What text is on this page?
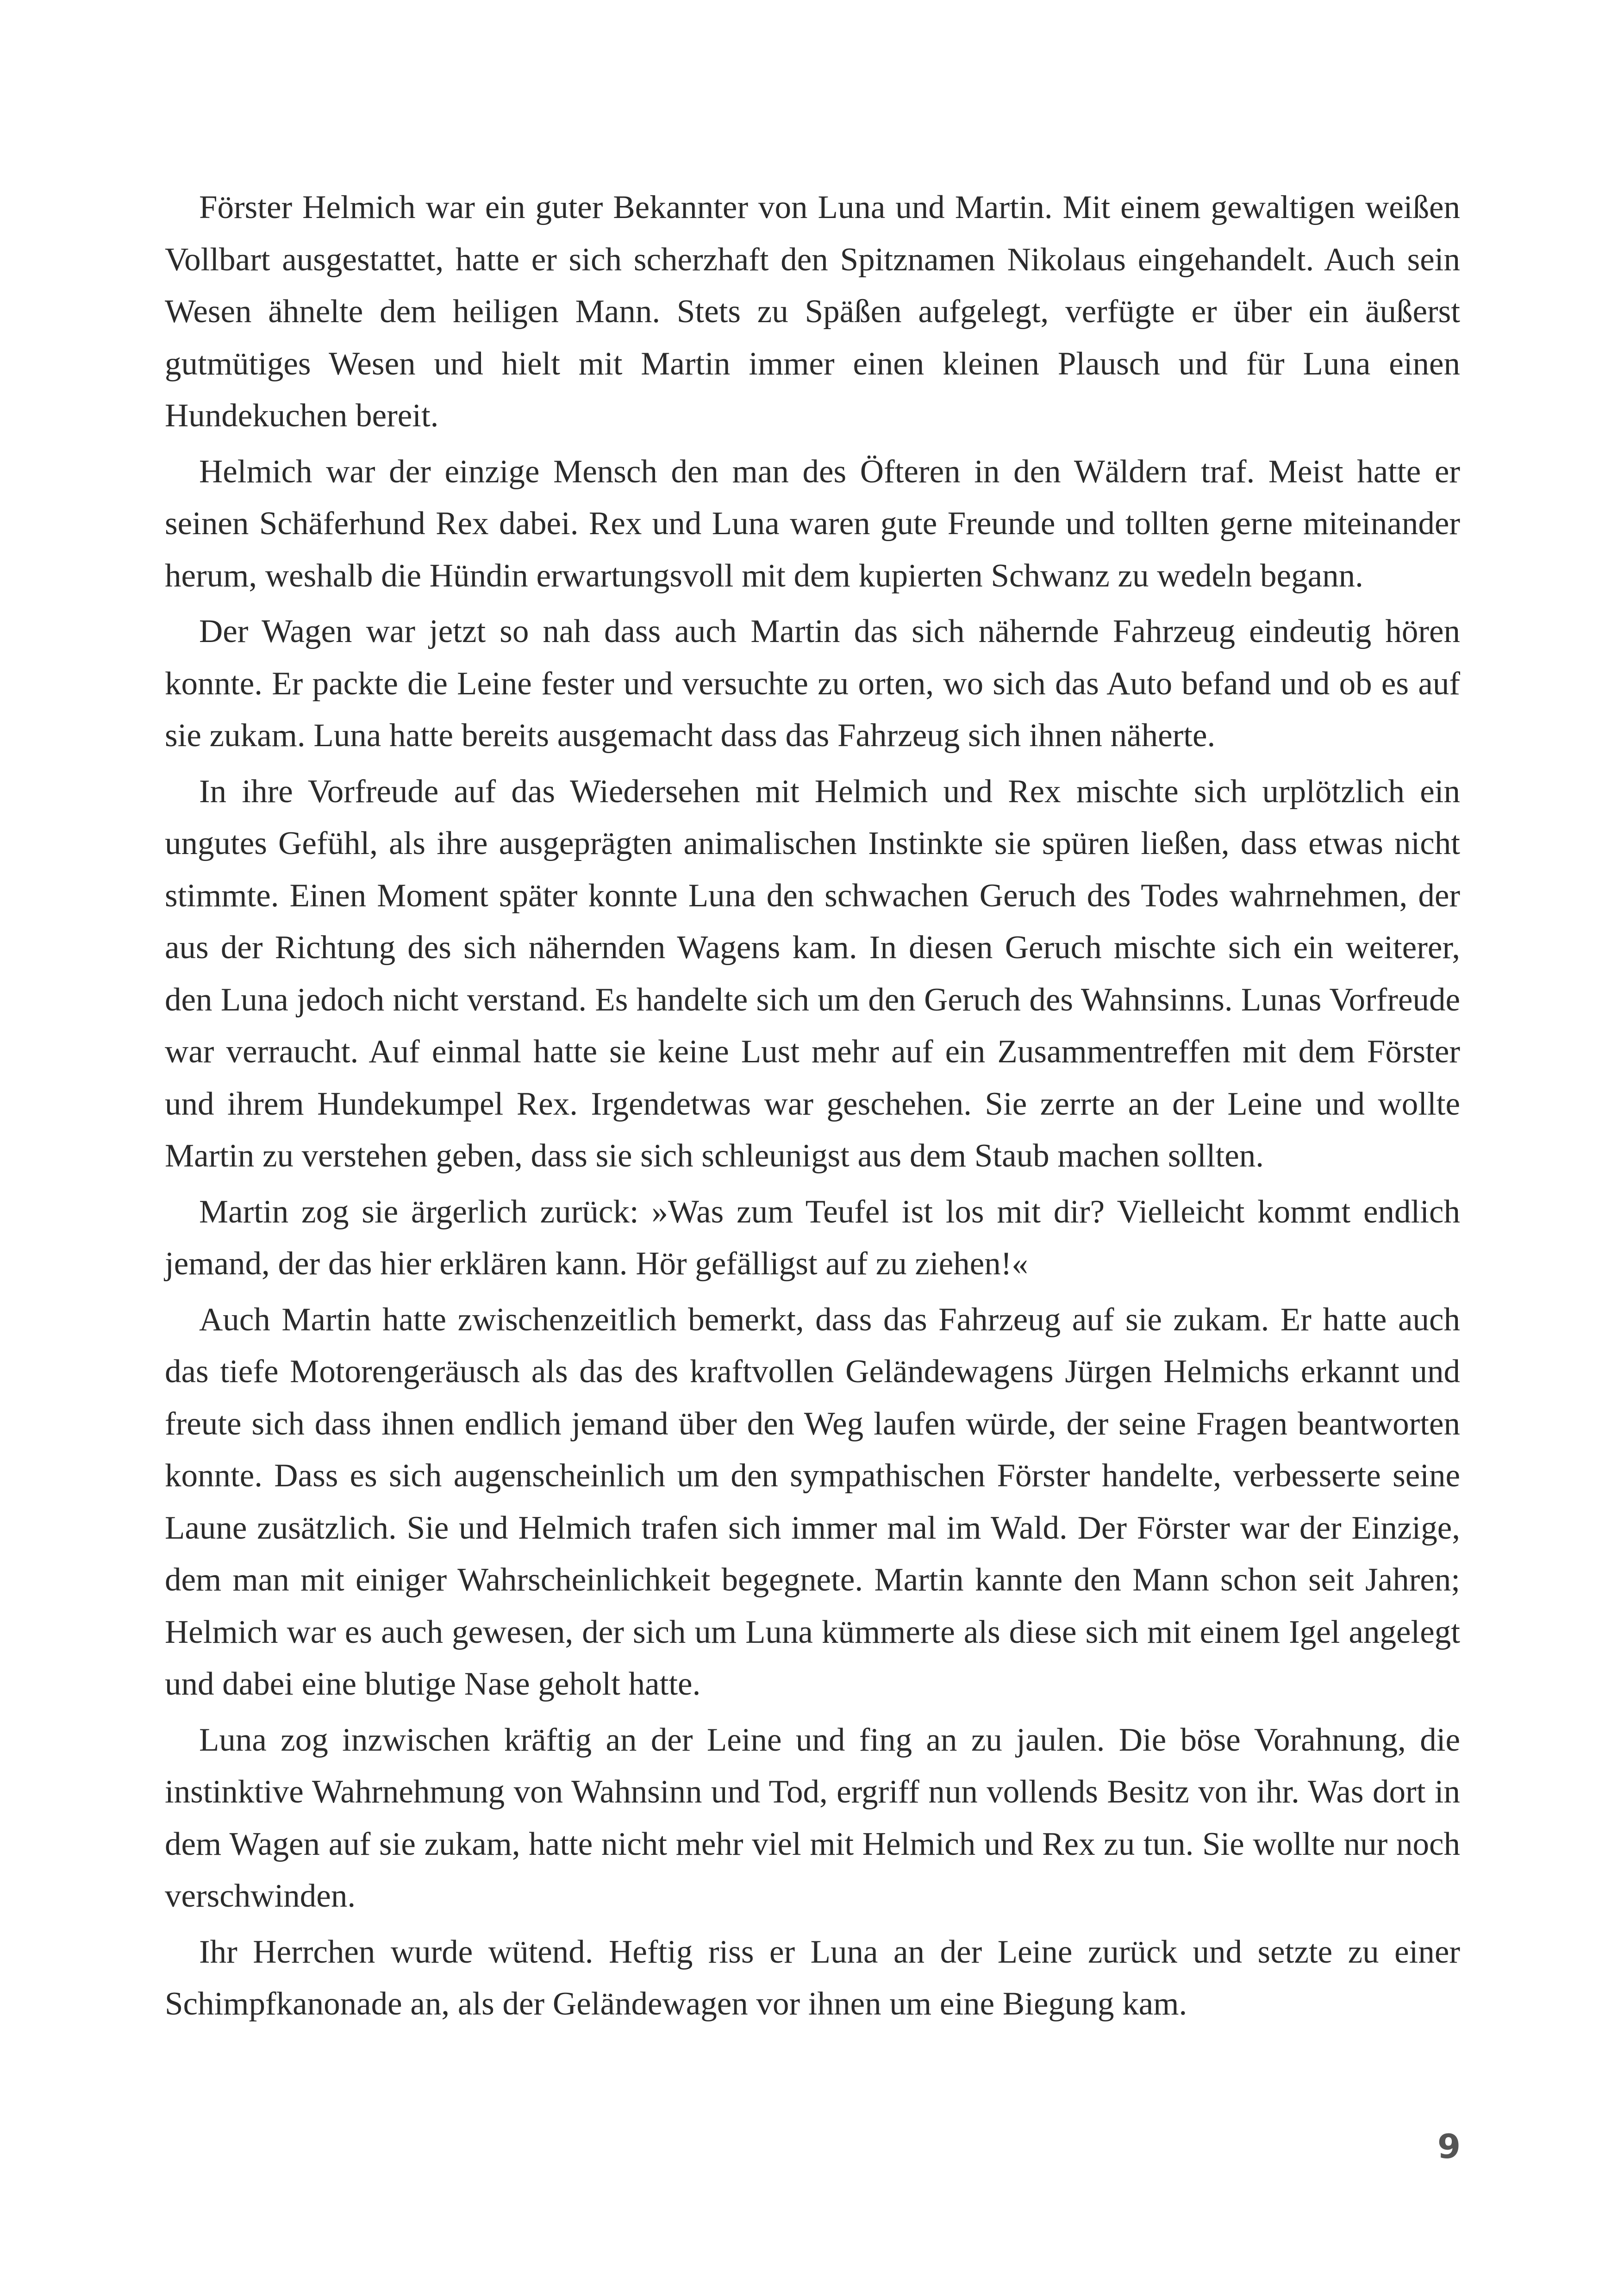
Förster Helmich war ein guter Bekannter von Luna und Martin. Mit einem gewaltigen weißen Vollbart ausgestattet, hatte er sich scherzhaft den Spitznamen Nikolaus eingehandelt. Auch sein Wesen ähnelte dem heiligen Mann. Stets zu Späßen aufgelegt, verfügte er über ein äußerst gutmütiges Wesen und hielt mit Martin immer einen kleinen Plausch und für Luna einen Hundekuchen bereit.

Helmich war der einzige Mensch den man des Öfteren in den Wäldern traf. Meist hatte er seinen Schäferhund Rex dabei. Rex und Luna waren gute Freunde und tollten gerne miteinander herum, weshalb die Hündin erwartungsvoll mit dem kupierten Schwanz zu wedeln begann.

Der Wagen war jetzt so nah dass auch Martin das sich nähernde Fahrzeug eindeutig hören konnte. Er packte die Leine fester und versuchte zu orten, wo sich das Auto befand und ob es auf sie zukam. Luna hatte bereits ausgemacht dass das Fahrzeug sich ihnen näherte.

In ihre Vorfreude auf das Wiedersehen mit Helmich und Rex mischte sich urplötzlich ein ungutes Gefühl, als ihre ausgeprägten animalischen Instinkte sie spüren ließen, dass etwas nicht stimmte. Einen Moment später konnte Luna den schwachen Geruch des Todes wahrnehmen, der aus der Richtung des sich nähernden Wagens kam. In diesen Geruch mischte sich ein weiterer, den Luna jedoch nicht verstand. Es handelte sich um den Geruch des Wahnsinns. Lunas Vorfreude war verraucht. Auf einmal hatte sie keine Lust mehr auf ein Zusammentreffen mit dem Förster und ihrem Hundekumpel Rex. Irgendetwas war geschehen. Sie zerrte an der Leine und wollte Martin zu verstehen geben, dass sie sich schleunigst aus dem Staub machen sollten.

Martin zog sie ärgerlich zurück: »Was zum Teufel ist los mit dir? Vielleicht kommt endlich jemand, der das hier erklären kann. Hör gefälligst auf zu ziehen!«

Auch Martin hatte zwischenzeitlich bemerkt, dass das Fahrzeug auf sie zukam. Er hatte auch das tiefe Motorengeräusch als das des kraftvollen Geländewagens Jürgen Helmichs erkannt und freute sich dass ihnen endlich jemand über den Weg laufen würde, der seine Fragen beantworten konnte. Dass es sich augenscheinlich um den sympathischen Förster handelte, verbesserte seine Laune zusätzlich. Sie und Helmich trafen sich immer mal im Wald. Der Förster war der Einzige, dem man mit einiger Wahrscheinlichkeit begegnete. Martin kannte den Mann schon seit Jahren; Helmich war es auch gewesen, der sich um Luna kümmerte als diese sich mit einem Igel angelegt und dabei eine blutige Nase geholt hatte.

Luna zog inzwischen kräftig an der Leine und fing an zu jaulen. Die böse Vorahnung, die instinktive Wahrnehmung von Wahnsinn und Tod, ergriff nun vollends Besitz von ihr. Was dort in dem Wagen auf sie zukam, hatte nicht mehr viel mit Helmich und Rex zu tun. Sie wollte nur noch verschwinden.

Ihr Herrchen wurde wütend. Heftig riss er Luna an der Leine zurück und setzte zu einer Schimpfkanonade an, als der Geländewagen vor ihnen um eine Biegung kam.

9
